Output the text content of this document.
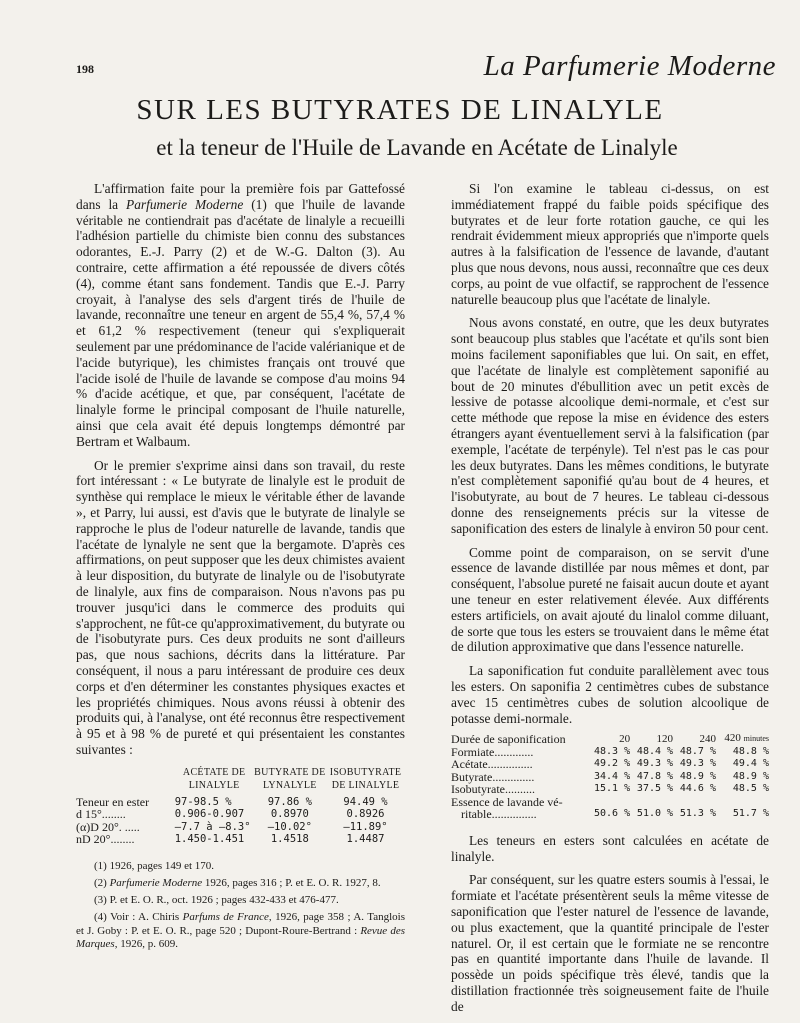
198	La Parfumerie Moderne
SUR LES BUTYRATES DE LINALYLE
et la teneur de l'Huile de Lavande en Acétate de Linalyle

L'affirmation faite pour la première fois par Gattefossé dans la Parfumerie Moderne (1) que l'huile de lavande véritable ne contiendrait pas d'acétate de linalyle a recueilli l'adhésion partielle du chimiste bien connu des substances odorantes, E.-J. Parry (2) et de W.-G. Dalton (3). Au contraire, cette affirmation a été repoussée de divers côtés (4), comme étant sans fondement. Tandis que E.-J. Parry croyait, à l'analyse des sels d'argent tirés de l'huile de lavande, reconnaître une teneur en argent de 55,4 %, 57,4 % et 61,2 % respectivement (teneur qui s'expliquerait seulement par une prédominance de l'acide valérianique et de l'acide butyrique), les chimistes français ont trouvé que l'acide isolé de l'huile de lavande se compose d'au moins 94 % d'acide acétique, et que, par conséquent, l'acétate de linalyle forme le principal composant de l'huile naturelle, ainsi que cela avait été depuis longtemps démontré par Bertram et Walbaum.

Or le premier s'exprime ainsi dans son travail, du reste fort intéressant : « Le butyrate de linalyle est le produit de synthèse qui remplace le mieux le véritable éther de lavande », et Parry, lui aussi, est d'avis que le butyrate de linalyle se rapproche le plus de l'odeur naturelle de lavande, tandis que l'acétate de lynalyle ne sent que la bergamote. D'après ces affirmations, on peut supposer que les deux chimistes avaient à leur disposition, du butyrate de linalyle ou de l'isobutyrate de linalyle, aux fins de comparaison. Nous n'avons pas pu trouver jusqu'ici dans le commerce des produits qui s'approchent, ne fût-ce qu'approximativement, du butyrate ou de l'isobutyrate purs. Ces deux produits ne sont d'ailleurs pas, que nous sachions, décrits dans la littérature. Par conséquent, il nous a paru intéressant de produire ces deux corps et d'en déterminer les constantes physiques exactes et les propriétés chimiques. Nous avons réussi à obtenir des produits qui, à l'analyse, ont été reconnus être respectivement à 95 et à 98 % de pureté et qui présentaient les constantes suivantes :

	ACÉTATE DE LINALYLE	BUTYRATE DE LYNALYLE	ISOBUTYRATE DE LINALYLE
Teneur en ester	97-98.5 %	97.86 %	94.49 %
d 15°........	0.906-0.907	0.8970	0.8926
(α)D 20°. .....	—7.7 à —8.3°	—10.02°	—11.89°
nD 20°........	1.450-1.451	1.4518	1.4487

(1) 1926, pages 149 et 170.

(2) Parfumerie Moderne 1926, pages 316 ; P. et E. O. R. 1927, 8.

(3) P. et E. O. R., oct. 1926 ; pages 432-433 et 476-477.

(4) Voir : A. Chiris Parfums de France, 1926, page 358 ; A. Tanglois et J. Goby : P. et E. O. R., page 520 ; Dupont-Roure-Bertrand : Revue des Marques, 1926, p. 609.

Si l'on examine le tableau ci-dessus, on est immédiatement frappé du faible poids spécifique des butyrates et de leur forte rotation gauche, ce qui les rendrait évidemment mieux appropriés que n'importe quels autres à la falsification de l'essence de lavande, d'autant plus que nous devons, nous aussi, reconnaître que ces deux corps, au point de vue olfactif, se rapprochent de l'essence naturelle beaucoup plus que l'acétate de linalyle.

Nous avons constaté, en outre, que les deux butyrates sont beaucoup plus stables que l'acétate et qu'ils sont bien moins facilement saponifiables que lui. On sait, en effet, que l'acétate de linalyle est complètement saponifié au bout de 20 minutes d'ébullition avec un petit excès de lessive de potasse alcoolique demi-normale, et c'est sur cette méthode que repose la mise en évidence des esters étrangers ayant éventuellement servi à la falsification (par exemple, l'acétate de terpényle). Tel n'est pas le cas pour les deux butyrates. Dans les mêmes conditions, le butyrate n'est complètement saponifié qu'au bout de 4 heures, et l'isobutyrate, au bout de 7 heures. Le tableau ci-dessous donne des renseignements précis sur la vitesse de saponification des esters de linalyle à environ 50 pour cent.

Comme point de comparaison, on se servit d'une essence de lavande distillée par nous mêmes et dont, par conséquent, l'absolue pureté ne faisait aucun doute et ayant une teneur en ester relativement élevée. Aux différents esters artificiels, on avait ajouté du linalol comme diluant, de sorte que tous les esters se trouvaient dans le même état de dilution approximative que dans l'essence naturelle.

La saponification fut conduite parallèlement avec tous les esters. On saponifia 2 centimètres cubes de substance avec 15 centimètres cubes de solution alcoolique de potasse demi-normale.

Durée de saponification	20	120	240	420 minutes
Formiate.............	48.3 %	48.4 %	48.7 %	48.8 %
Acétate...............	49.2 %	49.3 %	49.3 %	49.4 %
Butyrate..............	34.4 %	47.8 %	48.9 %	48.9 %
Isobutyrate..........	15.1 %	37.5 %	44.6 %	48.5 %
Essence de lavande vé-				
ritable...............	50.6 %	51.0 %	51.3 %	51.7 %

Les teneurs en esters sont calculées en acétate de linalyle.

Par conséquent, sur les quatre esters soumis à l'essai, le formiate et l'acétate présentèrent seuls la même vitesse de saponification que l'ester naturel de l'essence de lavande, ou plus exactement, que la quantité principale de l'ester naturel. Or, il est certain que le formiate ne se rencontre pas en quantité importante dans l'huile de lavande. Il possède un poids spécifique très élevé, tandis que la distillation fractionnée très soigneusement faite de l'huile de
